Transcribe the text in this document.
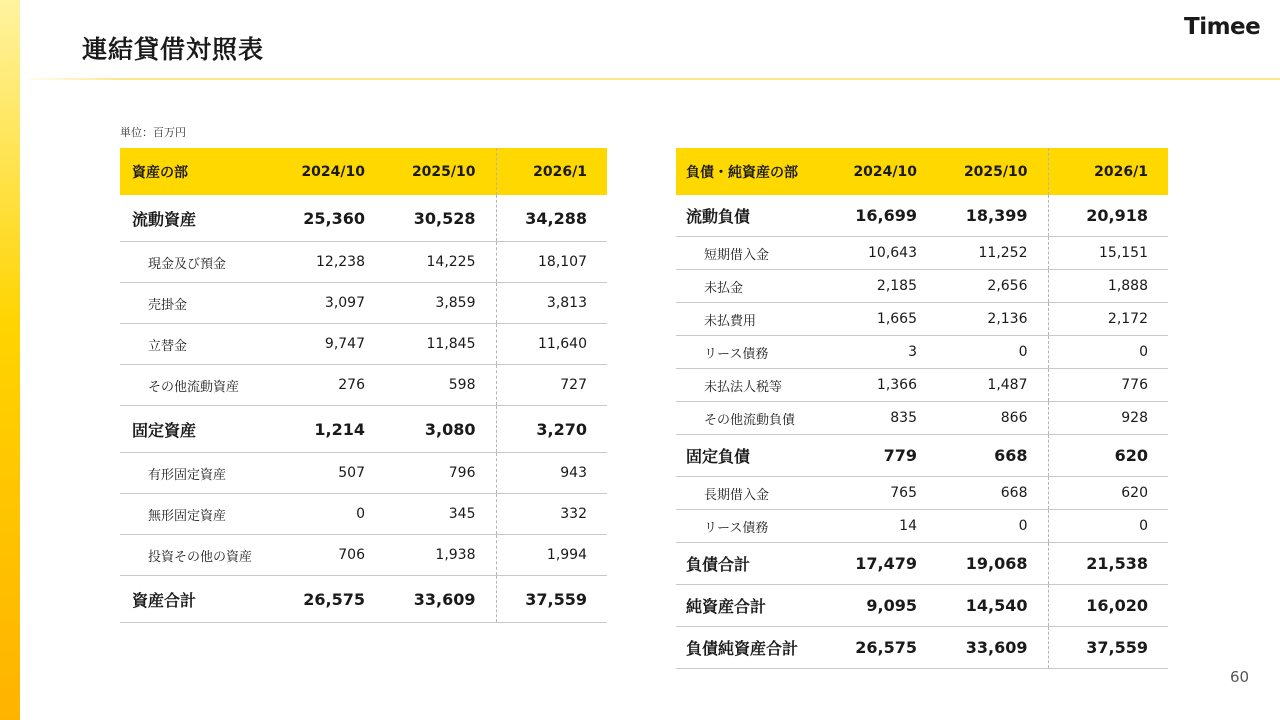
連結貸借対照表
Timee
単位：百万円
資産の部	2024/10	2025/10	2026/1
流動資産	25,360	30,528	34,288
現金及び預金	12,238	14,225	18,107
売掛金	3,097	3,859	3,813
立替金	9,747	11,845	11,640
その他流動資産	276	598	727
固定資産	1,214	3,080	3,270
有形固定資産	507	796	943
無形固定資産	0	345	332
投資その他の資産	706	1,938	1,994
資産合計	26,575	33,609	37,559
負債・純資産の部	2024/10	2025/10	2026/1
流動負債	16,699	18,399	20,918
短期借入金	10,643	11,252	15,151
未払金	2,185	2,656	1,888
未払費用	1,665	2,136	2,172
リース債務	3	0	0
未払法人税等	1,366	1,487	776
その他流動負債	835	866	928
固定負債	779	668	620
長期借入金	765	668	620
リース債務	14	0	0
負債合計	17,479	19,068	21,538
純資産合計	9,095	14,540	16,020
負債純資産合計	26,575	33,609	37,559
60
